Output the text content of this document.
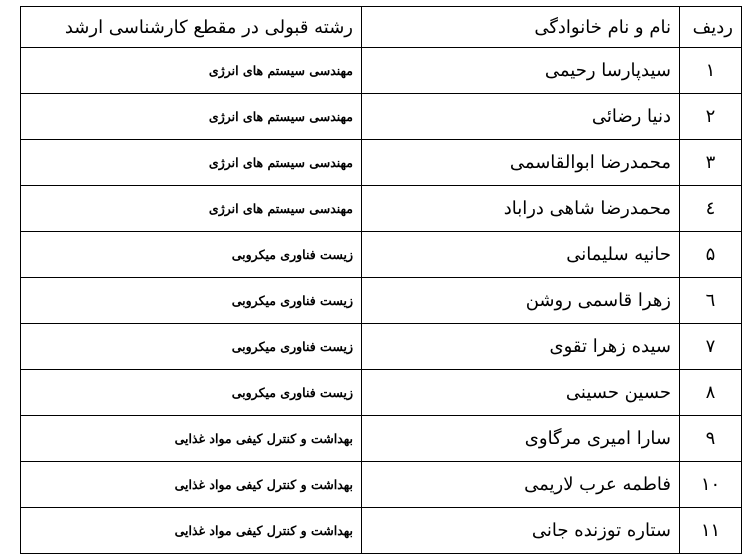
ردیف	نام و نام خانوادگی	رشته قبولی در مقطع کارشناسی ارشد
۱	سیدپارسا رحیمی	مهندسی سیستم های انرژی
۲	دنیا رضائی	مهندسی سیستم های انرژی
۳	محمدرضا ابوالقاسمی	مهندسی سیستم های انرژی
٤	محمدرضا شاهی دراباد	مهندسی سیستم های انرژی
۵	حانیه سلیمانی	زیست فناوری میکروبی
٦	زهرا قاسمی روشن	زیست فناوری میکروبی
۷	سیده زهرا تقوی	زیست فناوری میکروبی
۸	حسین حسینی	زیست فناوری میکروبی
۹	سارا امیری مرگاوی	بهداشت و کنترل کیفی مواد غذایی
۱۰	فاطمه عرب لاریمی	بهداشت و کنترل کیفی مواد غذایی
۱۱	ستاره توزنده جانی	بهداشت و کنترل کیفی مواد غذایی
